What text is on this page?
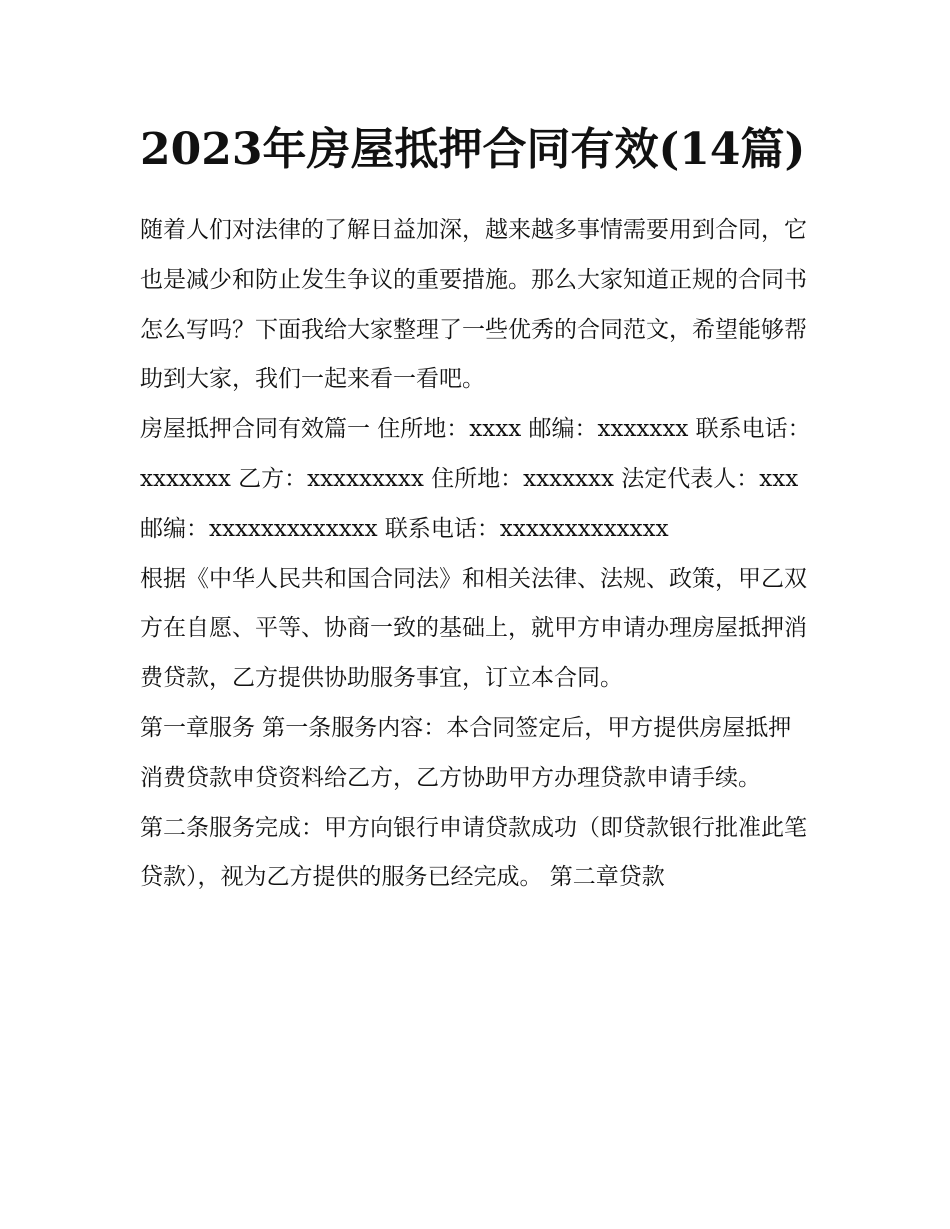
2023年房屋抵押合同有效(14篇)

随着人们对法律的了解日益加深，越来越多事情需要用到合同，它也是减少和防止发生争议的重要措施。那么大家知道正规的合同书怎么写吗？下面我给大家整理了一些优秀的合同范文，希望能够帮助到大家，我们一起来看一看吧。

房屋抵押合同有效篇一 住所地：xxxx 邮编：xxxxxxx 联系电话：xxxxxxx 乙方：xxxxxxxxx 住所地：xxxxxxx 法定代表人：xxx

邮编：xxxxxxxxxxxxx 联系电话：xxxxxxxxxxxxx

根据《中华人民共和国合同法》和相关法律、法规、政策，甲乙双方在自愿、平等、协商一致的基础上，就甲方申请办理房屋抵押消费贷款，乙方提供协助服务事宜，订立本合同。

第一章服务 第一条服务内容：本合同签定后，甲方提供房屋抵押消费贷款申贷资料给乙方，乙方协助甲方办理贷款申请手续。

第二条服务完成：甲方向银行申请贷款成功（即贷款银行批准此笔贷款），视为乙方提供的服务已经完成。 第二章贷款
